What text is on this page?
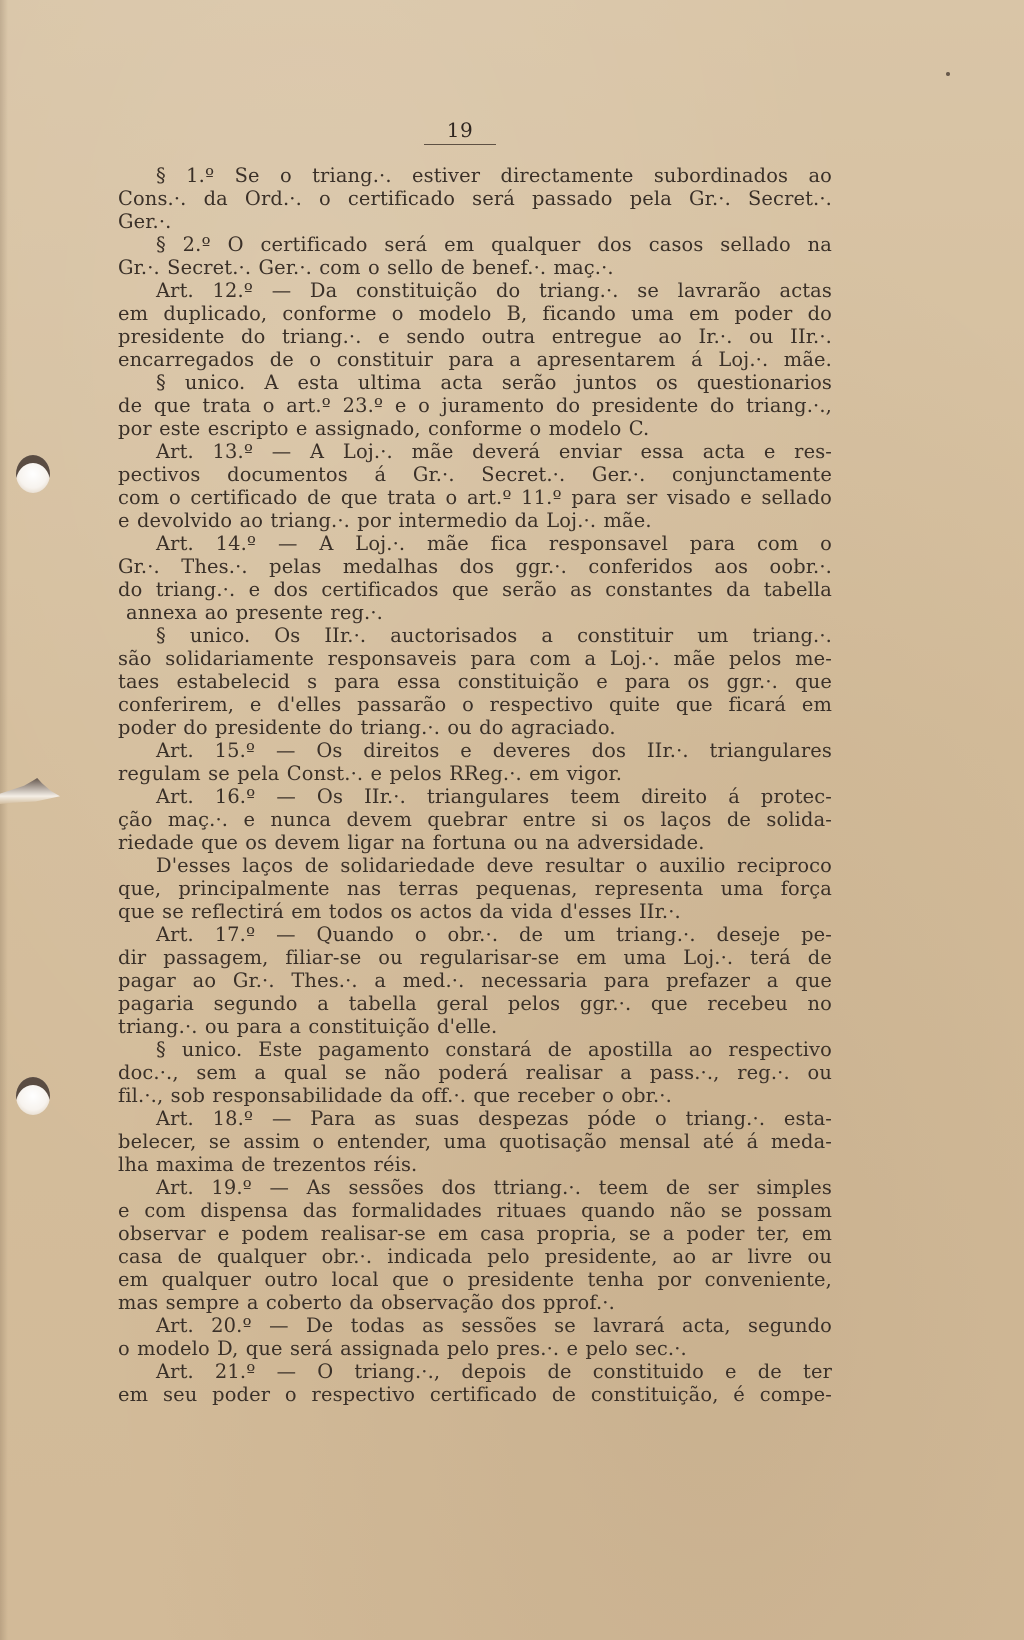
19
§ 1.º Se o triang.·. estiver directamente subordinados ao
Cons.·. da Ord.·. o certificado será passado pela Gr.·. Secret.·.
Ger.·.
§ 2.º O certificado será em qualquer dos casos sellado na
Gr.·. Secret.·. Ger.·. com o sello de benef.·. maç.·.
Art. 12.º — Da constituição do triang.·. se lavrarão actas
em duplicado, conforme o modelo B, ficando uma em poder do
presidente do triang.·. e sendo outra entregue ao Ir.·. ou IIr.·.
encarregados de o constituir para a apresentarem á Loj.·. mãe.
§ unico. A esta ultima acta serão juntos os questionarios
de que trata o art.º 23.º e o juramento do presidente do triang.·.,
por este escripto e assignado, conforme o modelo C.
Art. 13.º — A Loj.·. mãe deverá enviar essa acta e res-
pectivos documentos á Gr.·. Secret.·. Ger.·. conjunctamente
com o certificado de que trata o art.º 11.º para ser visado e sellado
e devolvido ao triang.·. por intermedio da Loj.·. mãe.
Art. 14.º — A Loj.·. mãe fica responsavel para com o
Gr.·. Thes.·. pelas medalhas dos ggr.·. conferidos aos oobr.·.
do triang.·. e dos certificados que serão as constantes da tabella
annexa ao presente reg.·.
§ unico. Os IIr.·. auctorisados a constituir um triang.·.
são solidariamente responsaveis para com a Loj.·. mãe pelos me-
taes estabelecid s para essa constituição e para os ggr.·. que
conferirem, e d'elles passarão o respectivo quite que ficará em
poder do presidente do triang.·. ou do agraciado.
Art. 15.º — Os direitos e deveres dos IIr.·. triangulares
regulam se pela Const.·. e pelos RReg.·. em vigor.
Art. 16.º — Os IIr.·. triangulares teem direito á protec-
ção maç.·. e nunca devem quebrar entre si os laços de solida-
riedade que os devem ligar na fortuna ou na adversidade.
D'esses laços de solidariedade deve resultar o auxilio reciproco
que, principalmente nas terras pequenas, representa uma força
que se reflectirá em todos os actos da vida d'esses IIr.·.
Art. 17.º — Quando o obr.·. de um triang.·. deseje pe-
dir passagem, filiar-se ou regularisar-se em uma Loj.·. terá de
pagar ao Gr.·. Thes.·. a med.·. necessaria para prefazer a que
pagaria segundo a tabella geral pelos ggr.·. que recebeu no
triang.·. ou para a constituição d'elle.
§ unico. Este pagamento constará de apostilla ao respectivo
doc.·., sem a qual se não poderá realisar a pass.·., reg.·. ou
fil.·., sob responsabilidade da off.·. que receber o obr.·.
Art. 18.º — Para as suas despezas póde o triang.·. esta-
belecer, se assim o entender, uma quotisação mensal até á meda-
lha maxima de trezentos réis.
Art. 19.º — As sessões dos ttriang.·. teem de ser simples
e com dispensa das formalidades rituaes quando não se possam
observar e podem realisar-se em casa propria, se a poder ter, em
casa de qualquer obr.·. indicada pelo presidente, ao ar livre ou
em qualquer outro local que o presidente tenha por conveniente,
mas sempre a coberto da observação dos pprof.·.
Art. 20.º — De todas as sessões se lavrará acta, segundo
o modelo D, que será assignada pelo pres.·. e pelo sec.·.
Art. 21.º — O triang.·., depois de constituido e de ter
em seu poder o respectivo certificado de constituição, é compe-
